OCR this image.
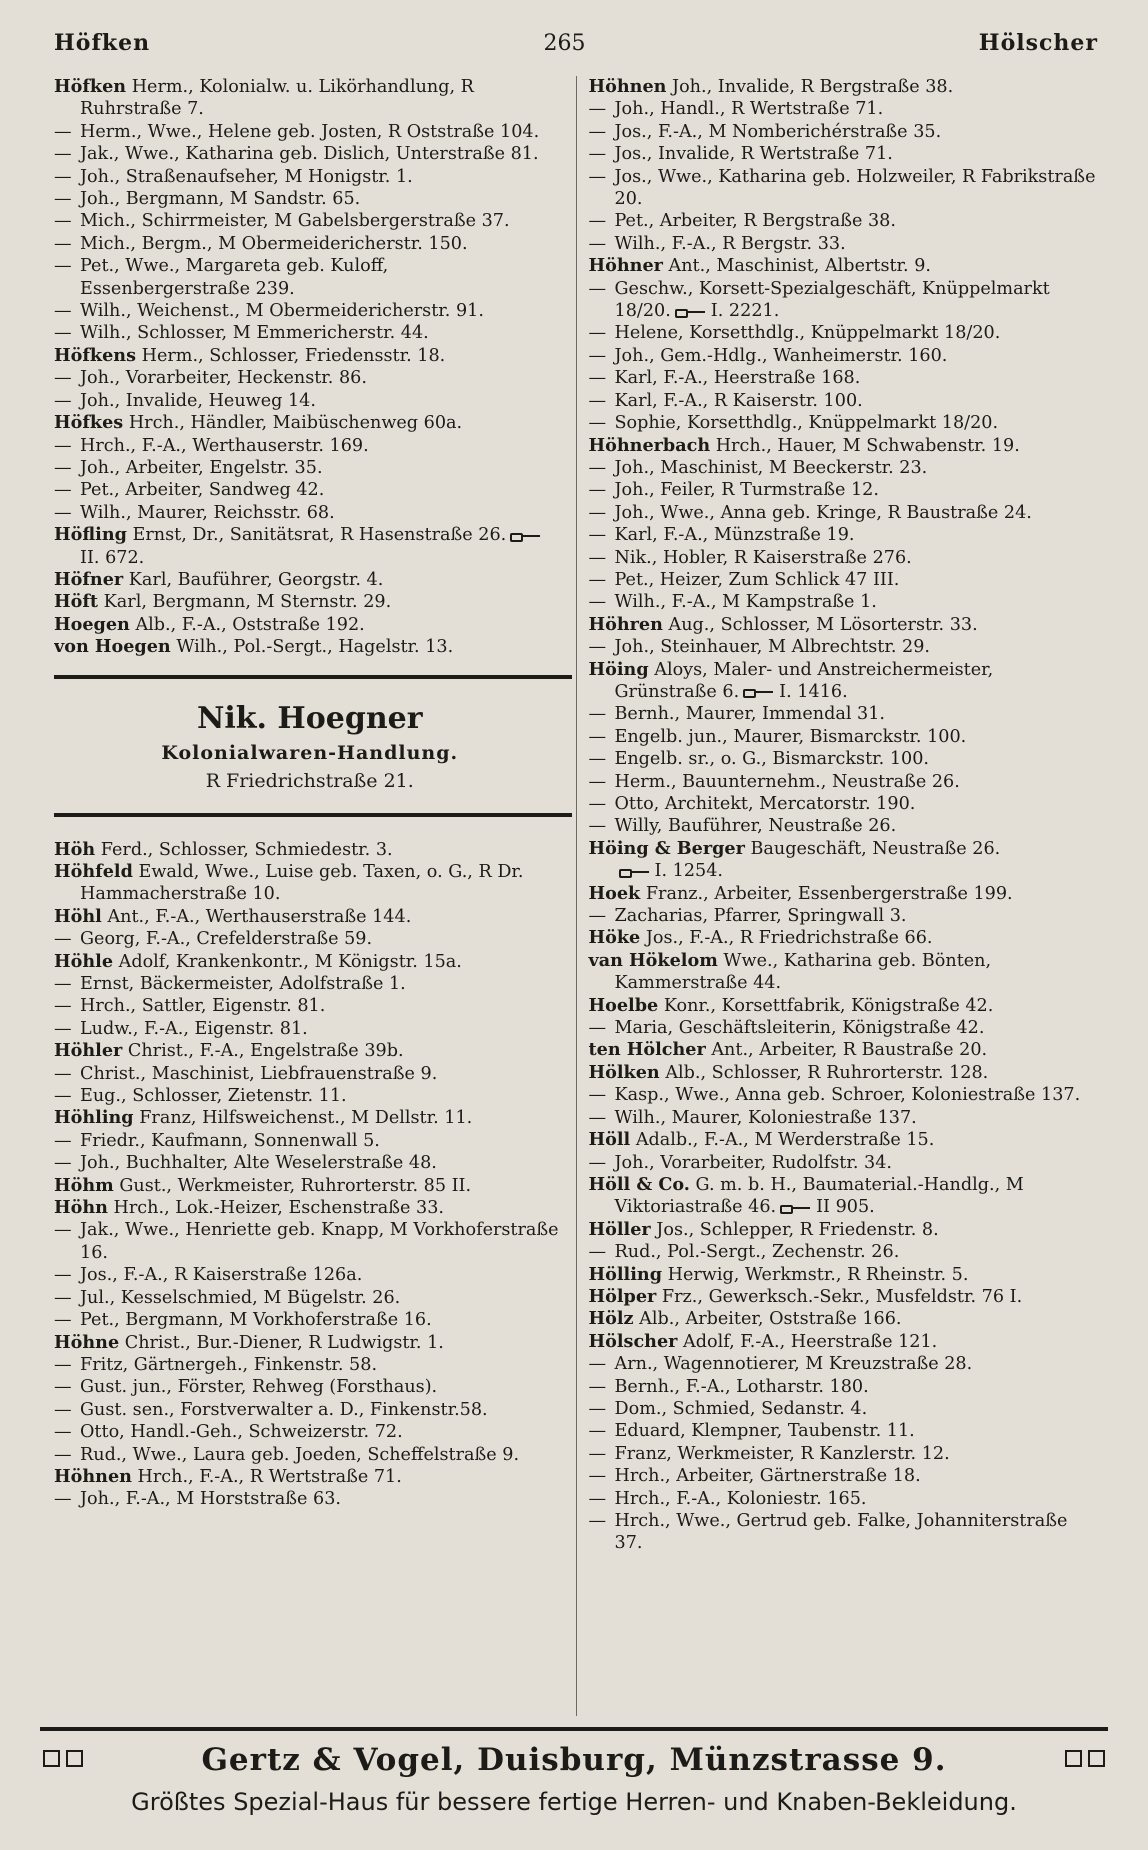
Höfken	265	Hölscher
Höfken Herm., Kolonialw. u. Likörhandlung, R Ruhrstraße 7.
— Herm., Wwe., Helene geb. Josten, R Oststraße 104.
— Jak., Wwe., Katharina geb. Dislich, Unterstraße 81.
— Joh., Straßenaufseher, M Honigstr. 1.
— Joh., Bergmann, M Sandstr. 65.
— Mich., Schirrmeister, M Gabelsbergerstraße 37.
— Mich., Bergm., M Obermeidericherstr. 150.
— Pet., Wwe., Margareta geb. Kuloff, Essenbergerstraße 239.
— Wilh., Weichenst., M Obermeidericherstr. 91.
— Wilh., Schlosser, M Emmericherstr. 44.
Höfkens Herm., Schlosser, Friedensstr. 18.
— Joh., Vorarbeiter, Heckenstr. 86.
— Joh., Invalide, Heuweg 14.
Höfkes Hrch., Händler, Maibüschenweg 60a.
— Hrch., F.-A., Werthauserstr. 169.
— Joh., Arbeiter, Engelstr. 35.
— Pet., Arbeiter, Sandweg 42.
— Wilh., Maurer, Reichsstr. 68.
Höfling Ernst, Dr., Sanitätsrat, R Hasenstraße 26.II. 672.
Höfner Karl, Bauführer, Georgstr. 4.
Höft Karl, Bergmann, M Sternstr. 29.
Hoegen Alb., F.-A., Oststraße 192.
von Hoegen Wilh., Pol.-Sergt., Hagelstr. 13.
Nik. Hoegner
Kolonialwaren-Handlung.
R Friedrichstraße 21.
Höh Ferd., Schlosser, Schmiedestr. 3.
Höhfeld Ewald, Wwe., Luise geb. Taxen, o. G., R Dr. Hammacherstraße 10.
Höhl Ant., F.-A., Werthauserstraße 144.
— Georg, F.-A., Crefelderstraße 59.
Höhle Adolf, Krankenkontr., M Königstr. 15a.
— Ernst, Bäckermeister, Adolfstraße 1.
— Hrch., Sattler, Eigenstr. 81.
— Ludw., F.-A., Eigenstr. 81.
Höhler Christ., F.-A., Engelstraße 39b.
— Christ., Maschinist, Liebfrauenstraße 9.
— Eug., Schlosser, Zietenstr. 11.
Höhling Franz, Hilfsweichenst., M Dellstr. 11.
— Friedr., Kaufmann, Sonnenwall 5.
— Joh., Buchhalter, Alte Weselerstraße 48.
Höhm Gust., Werkmeister, Ruhrorterstr. 85 II.
Höhn Hrch., Lok.-Heizer, Eschenstraße 33.
— Jak., Wwe., Henriette geb. Knapp, M Vorkhoferstraße 16.
— Jos., F.-A., R Kaiserstraße 126a.
— Jul., Kesselschmied, M Bügelstr. 26.
— Pet., Bergmann, M Vorkhoferstraße 16.
Höhne Christ., Bur.-Diener, R Ludwigstr. 1.
— Fritz, Gärtnergeh., Finkenstr. 58.
— Gust. jun., Förster, Rehweg (Forsthaus).
— Gust. sen., Forstverwalter a. D., Finkenstr.58.
— Otto, Handl.-Geh., Schweizerstr. 72.
— Rud., Wwe., Laura geb. Joeden, Scheffelstraße 9.
Höhnen Hrch., F.-A., R Wertstraße 71.
— Joh., F.-A., M Horststraße 63.
Höhnen Joh., Invalide, R Bergstraße 38.
— Joh., Handl., R Wertstraße 71.
— Jos., F.-A., M Nomberichérstraße 35.
— Jos., Invalide, R Wertstraße 71.
— Jos., Wwe., Katharina geb. Holzweiler, R Fabrikstraße 20.
— Pet., Arbeiter, R Bergstraße 38.
— Wilh., F.-A., R Bergstr. 33.
Höhner Ant., Maschinist, Albertstr. 9.
— Geschw., Korsett-Spezialgeschäft, Knüppelmarkt 18/20. I. 2221.
— Helene, Korsetthdlg., Knüppelmarkt 18/20.
— Joh., Gem.-Hdlg., Wanheimerstr. 160.
— Karl, F.-A., Heerstraße 168.
— Karl, F.-A., R Kaiserstr. 100.
— Sophie, Korsetthdlg., Knüppelmarkt 18/20.
Höhnerbach Hrch., Hauer, M Schwabenstr. 19.
— Joh., Maschinist, M Beeckerstr. 23.
— Joh., Feiler, R Turmstraße 12.
— Joh., Wwe., Anna geb. Kringe, R Baustraße 24.
— Karl, F.-A., Münzstraße 19.
— Nik., Hobler, R Kaiserstraße 276.
— Pet., Heizer, Zum Schlick 47 III.
— Wilh., F.-A., M Kampstraße 1.
Höhren Aug., Schlosser, M Lösorterstr. 33.
— Joh., Steinhauer, M Albrechtstr. 29.
Höing Aloys, Maler- und Anstreichermeister, Grünstraße 6. I. 1416.
— Bernh., Maurer, Immendal 31.
— Engelb. jun., Maurer, Bismarckstr. 100.
— Engelb. sr., o. G., Bismarckstr. 100.
— Herm., Bauunternehm., Neustraße 26.
— Otto, Architekt, Mercatorstr. 190.
— Willy, Bauführer, Neustraße 26.
Höing & Berger Baugeschäft, Neustraße 26.
I. 1254.
Hoek Franz., Arbeiter, Essenbergerstraße 199.
— Zacharias, Pfarrer, Springwall 3.
Höke Jos., F.-A., R Friedrichstraße 66.
van Hökelom Wwe., Katharina geb. Bönten, Kammerstraße 44.
Hoelbe Konr., Korsettfabrik, Königstraße 42.
— Maria, Geschäftsleiterin, Königstraße 42.
ten Hölcher Ant., Arbeiter, R Baustraße 20.
Hölken Alb., Schlosser, R Ruhrorterstr. 128.
— Kasp., Wwe., Anna geb. Schroer, Koloniestraße 137.
— Wilh., Maurer, Koloniestraße 137.
Höll Adalb., F.-A., M Werderstraße 15.
— Joh., Vorarbeiter, Rudolfstr. 34.
Höll & Co. G. m. b. H., Baumaterial.-Handlg., M Viktoriastraße 46. II 905.
Höller Jos., Schlepper, R Friedenstr. 8.
— Rud., Pol.-Sergt., Zechenstr. 26.
Hölling Herwig, Werkmstr., R Rheinstr. 5.
Hölper Frz., Gewerksch.-Sekr., Musfeldstr. 76 I.
Hölz Alb., Arbeiter, Oststraße 166.
Hölscher Adolf, F.-A., Heerstraße 121.
— Arn., Wagennotierer, M Kreuzstraße 28.
— Bernh., F.-A., Lotharstr. 180.
— Dom., Schmied, Sedanstr. 4.
— Eduard, Klempner, Taubenstr. 11.
— Franz, Werkmeister, R Kanzlerstr. 12.
— Hrch., Arbeiter, Gärtnerstraße 18.
— Hrch., F.-A., Koloniestr. 165.
— Hrch., Wwe., Gertrud geb. Falke, Johanniterstraße 37.
Gertz & Vogel, Duisburg, Münzstrasse 9.
Größtes Spezial-Haus für bessere fertige Herren- und Knaben-Bekleidung.
